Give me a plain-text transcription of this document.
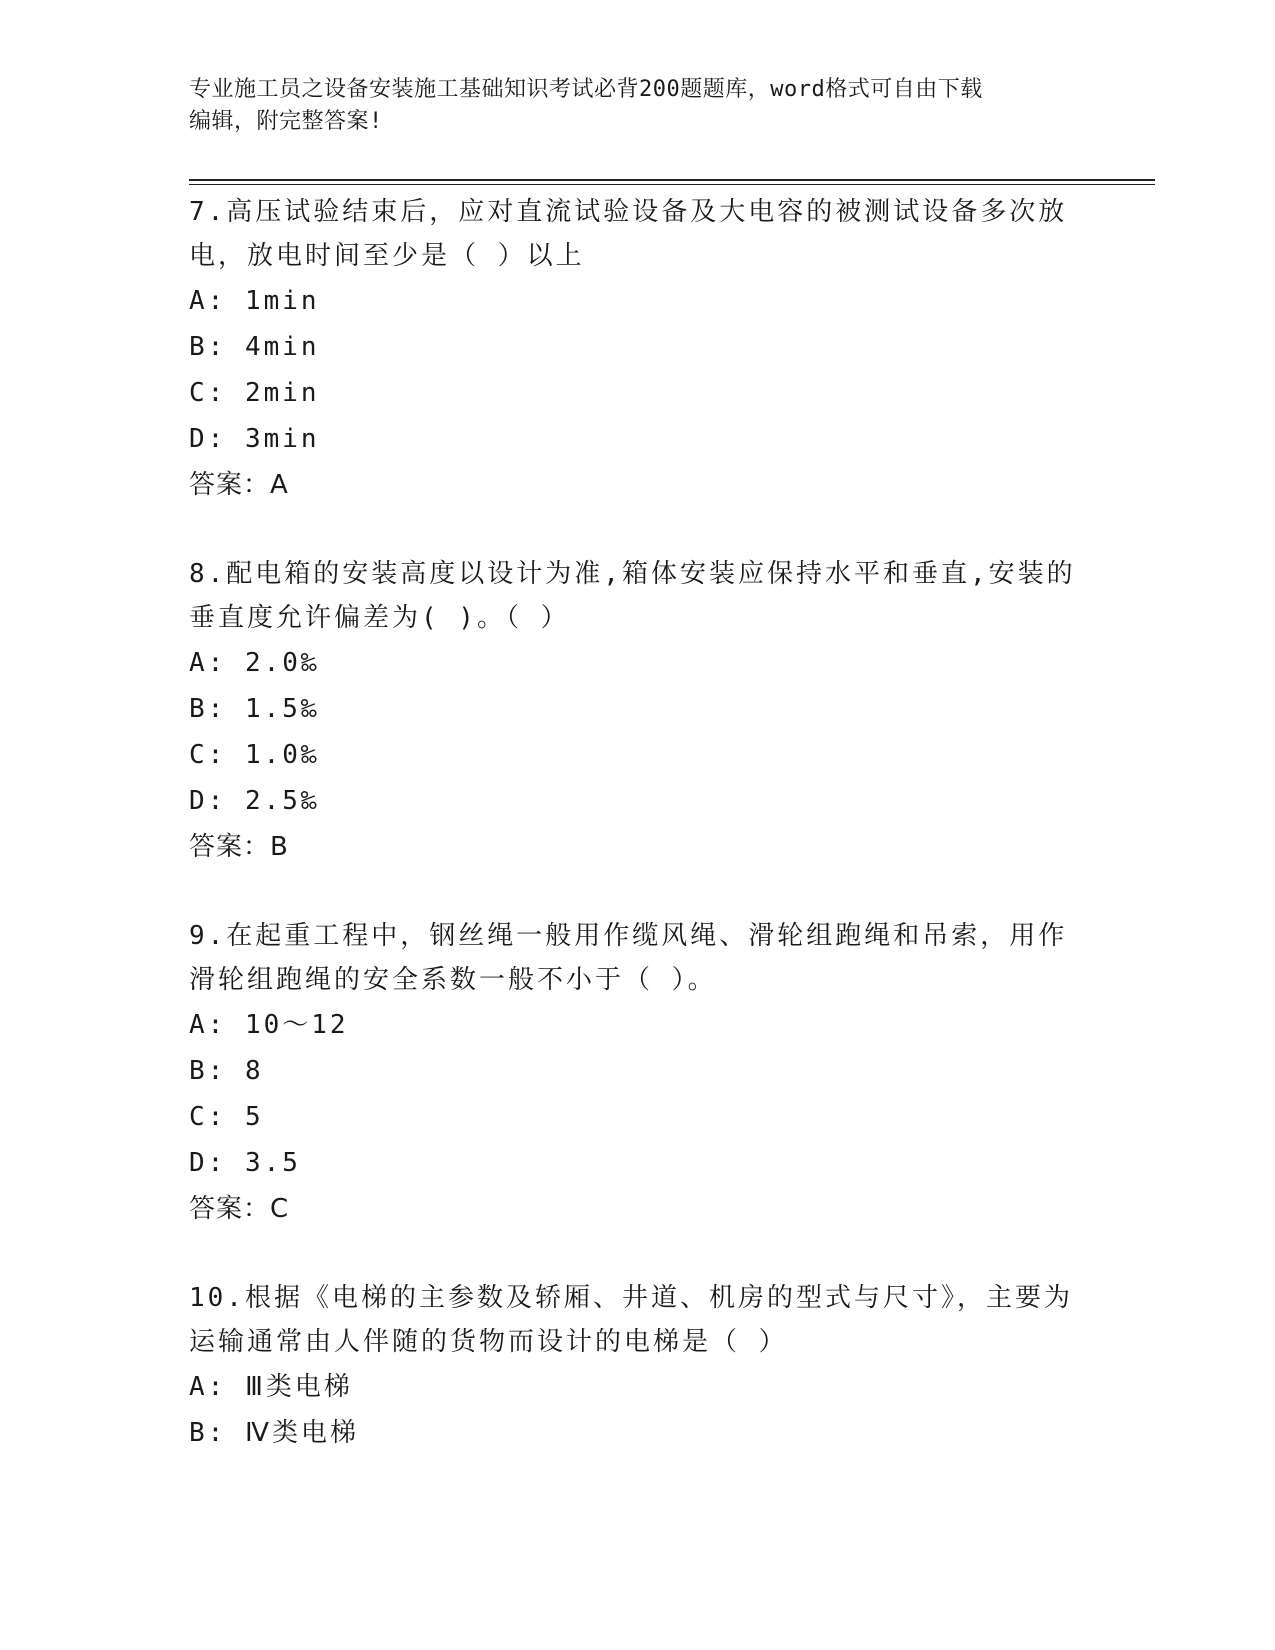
专业施工员之设备安装施工基础知识考试必背200题题库，word格式可自由下载
编辑，附完整答案!
7.高压试验结束后，应对直流试验设备及大电容的被测试设备多次放
电，放电时间至少是（ ）以上
A: 1min
B: 4min
C: 2min
D: 3min
答案：A
8.配电箱的安装高度以设计为准,箱体安装应保持水平和垂直,安装的
垂直度允许偏差为( )。（ ）
A: 2.0‰
B: 1.5‰
C: 1.0‰
D: 2.5‰
答案：B
9.在起重工程中，钢丝绳一般用作缆风绳、滑轮组跑绳和吊索，用作
滑轮组跑绳的安全系数一般不小于（ ）。
A: 10～12
B: 8
C: 5
D: 3.5
答案：C
10.根据《电梯的主参数及轿厢、井道、机房的型式与尺寸》，主要为
运输通常由人伴随的货物而设计的电梯是（ ）
A: Ⅲ类电梯
B: Ⅳ类电梯
